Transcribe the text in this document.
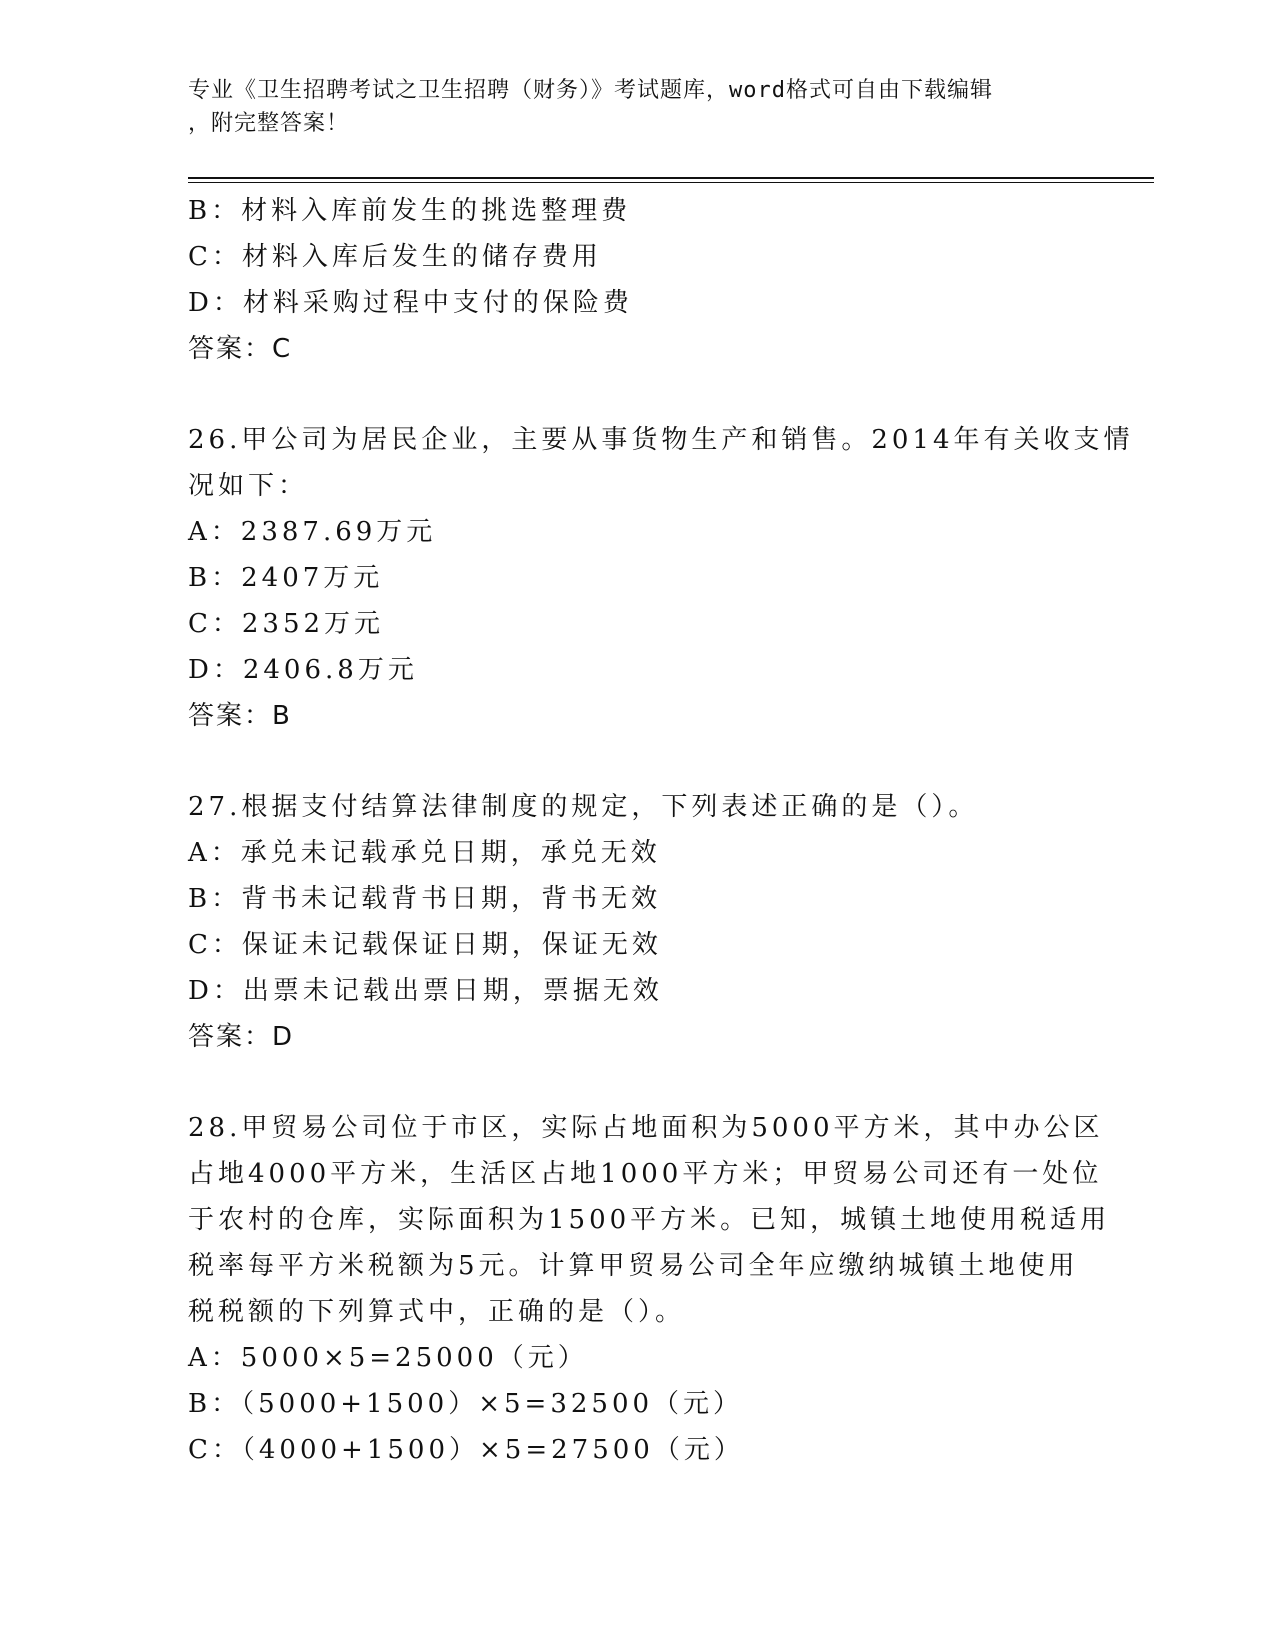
专业《卫生招聘考试之卫生招聘（财务）》考试题库，word格式可自由下载编辑
，附完整答案！
B：材料入库前发生的挑选整理费
C：材料入库后发生的储存费用
D：材料采购过程中支付的保险费
答案：C
26.甲公司为居民企业，主要从事货物生产和销售。2014年有关收支情
况如下：
A：2387.69万元
B：2407万元
C：2352万元
D：2406.8万元
答案：B
27.根据支付结算法律制度的规定，下列表述正确的是（）。
A：承兑未记载承兑日期，承兑无效
B：背书未记载背书日期，背书无效
C：保证未记载保证日期，保证无效
D：出票未记载出票日期，票据无效
答案：D
28.甲贸易公司位于市区，实际占地面积为5000平方米，其中办公区
占地4000平方米，生活区占地1000平方米；甲贸易公司还有一处位
于农村的仓库，实际面积为1500平方米。已知，城镇土地使用税适用
税率每平方米税额为5元。计算甲贸易公司全年应缴纳城镇土地使用
税税额的下列算式中，正确的是（）。
A：5000×5=25000（元）
B：（5000+1500）×5=32500（元）
C：（4000+1500）×5=27500（元）
